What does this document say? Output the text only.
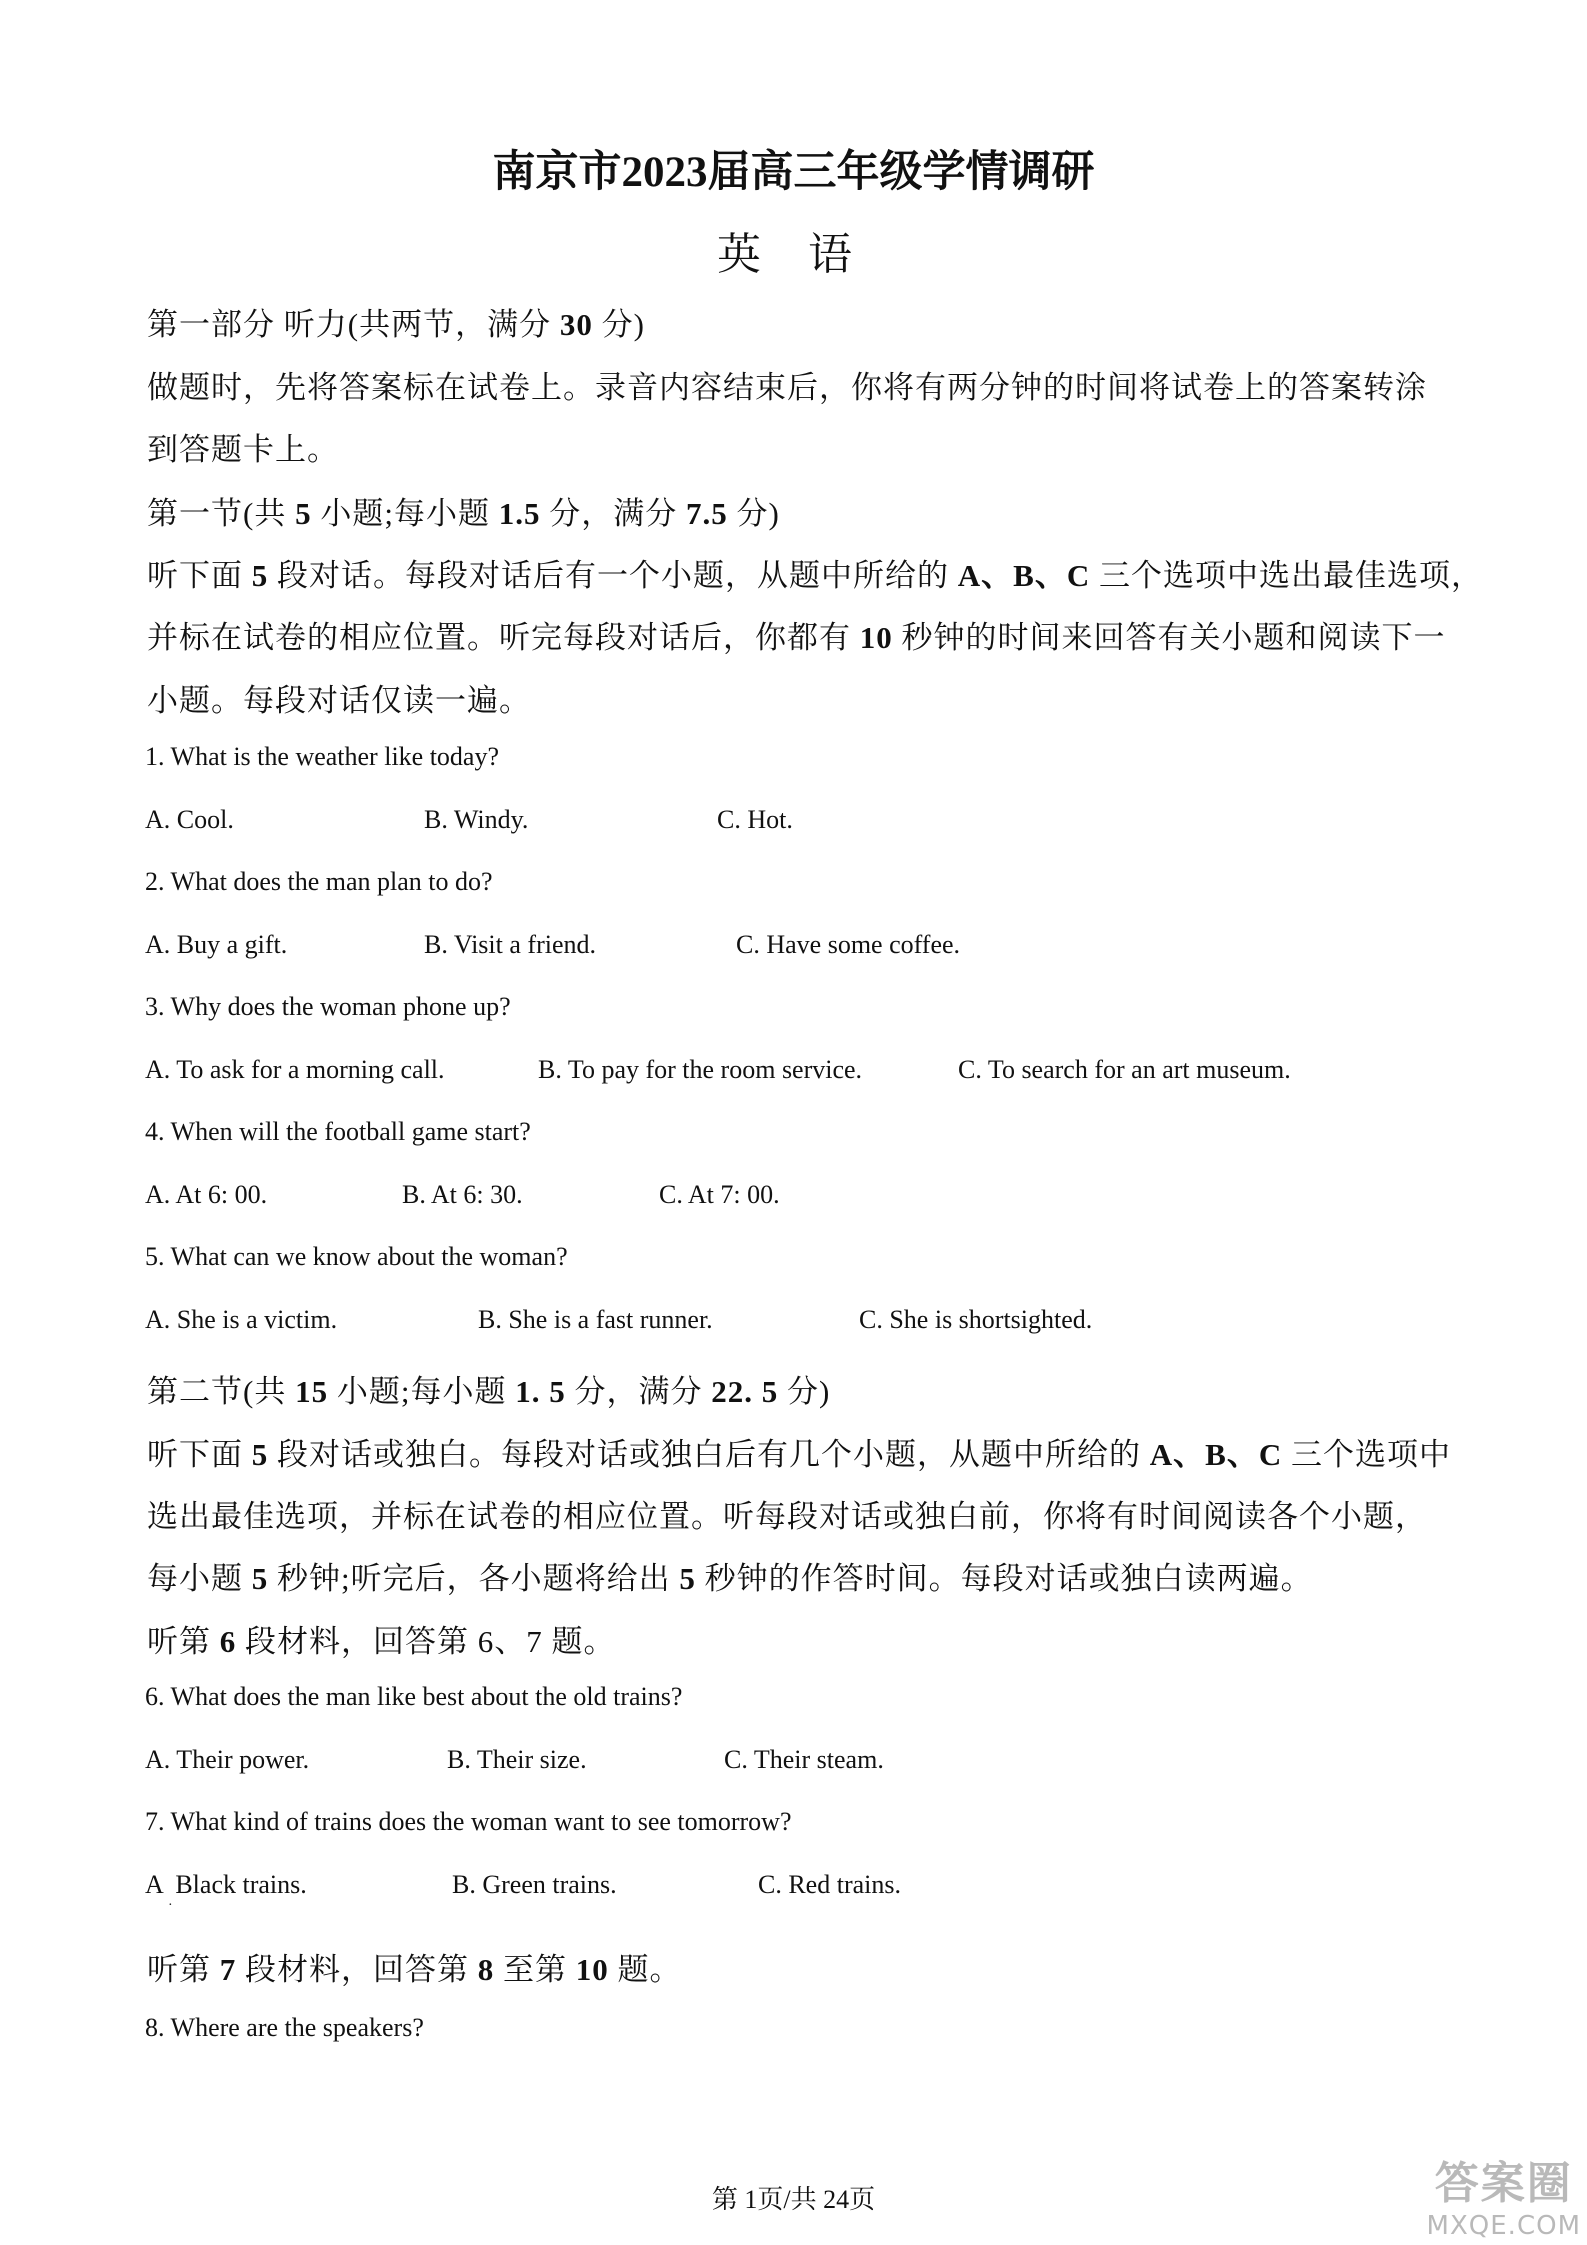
南京市2023届高三年级学情调研
英 语
第一部分 听力(共两节，满分 30 分)
做题时，先将答案标在试卷上。录音内容结束后，你将有两分钟的时间将试卷上的答案转涂
到答题卡上。
第一节(共 5 小题;每小题 1.5 分，满分 7.5 分)
听下面 5 段对话。每段对话后有一个小题，从题中所给的 A、B、C 三个选项中选出最佳选项，
并标在试卷的相应位置。听完每段对话后，你都有 10 秒钟的时间来回答有关小题和阅读下一
小题。每段对话仅读一遍。
1. What is the weather like today?
A. Cool.	B. Windy.	C. Hot.
2. What does the man plan to do?
A. Buy a gift.	B. Visit a friend.	C. Have some coffee.
3. Why does the woman phone up?
A. To ask for a morning call.	B. To pay for the room service.	C. To search for an art museum.
4. When will the football game start?
A. At 6: 00.	B. At 6: 30.	C. At 7: 00.
5. What can we know about the woman?
A. She is a victim.	B. She is a fast runner.	C. She is shortsighted.
第二节(共 15 小题;每小题 1. 5 分，满分 22. 5 分)
听下面 5 段对话或独白。每段对话或独白后有几个小题，从题中所给的 A、B、C 三个选项中
选出最佳选项，并标在试卷的相应位置。听每段对话或独白前，你将有时间阅读各个小题，
每小题 5 秒钟;听完后，各小题将给出 5 秒钟的作答时间。每段对话或独白读两遍。
听第 6 段材料，回答第 6、7 题。
6. What does the man like best about the old trains?
A. Their power.	B. Their size.	C. Their steam.
7. What kind of trains does the woman want to see tomorrow?
A  Black trains.
·
B. Green trains.	C. Red trains.
听第 7 段材料，回答第 8 至第 10 题。
8. Where are the speakers?
第 1页/共 24页	答案圈
MXQE.COM
